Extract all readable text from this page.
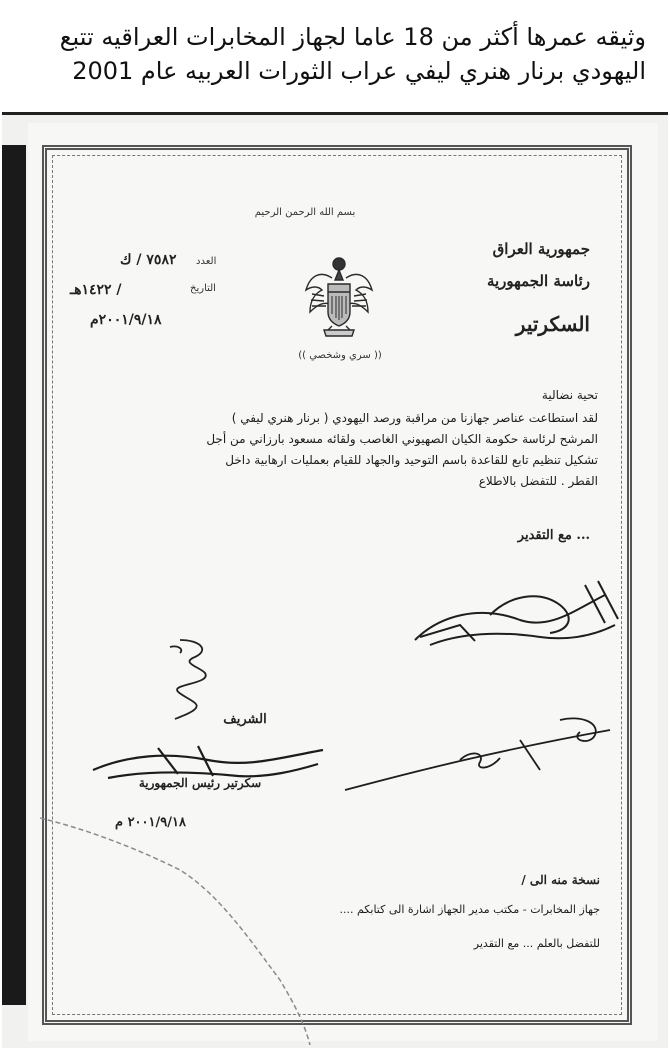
وثيقه عمرها أكثر من 18 عاما لجهاز المخابرات العراقيه تتبع
اليهودي برنار هنري ليفي عراب الثورات العربيه عام 2001
بسم الله الرحمن الرحيم
جمهورية العراق
رئاسة الجمهورية
السكرتير
العدد
٧٥٨٢ / ك
التاريخ
/ ١٤٢٢هـ
٢٠٠١/٩/١٨م
(( سري وشخصي ))
تحية نضالية
لقد استطاعت عناصر جهازنا من مراقبة ورصد اليهودي ( برنار هنري ليفي )
المرشح لرئاسة حكومة الكيان الصهيوني الغاصب ولقائه مسعود بارزاني من أجل
تشكيل تنظيم تابع للقاعدة باسم التوحيد والجهاد للقيام بعمليات ارهابية داخل
القطر . للتفضل بالاطلاع
... مع التقدير
الشريف
سكرتير رئيس الجمهورية
٢٠٠١/٩/١٨ م
نسخة منه الى /
جهاز المخابرات - مكتب مدير الجهاز اشارة الى كتابكم ....
للتفضل بالعلم ... مع التقدير
